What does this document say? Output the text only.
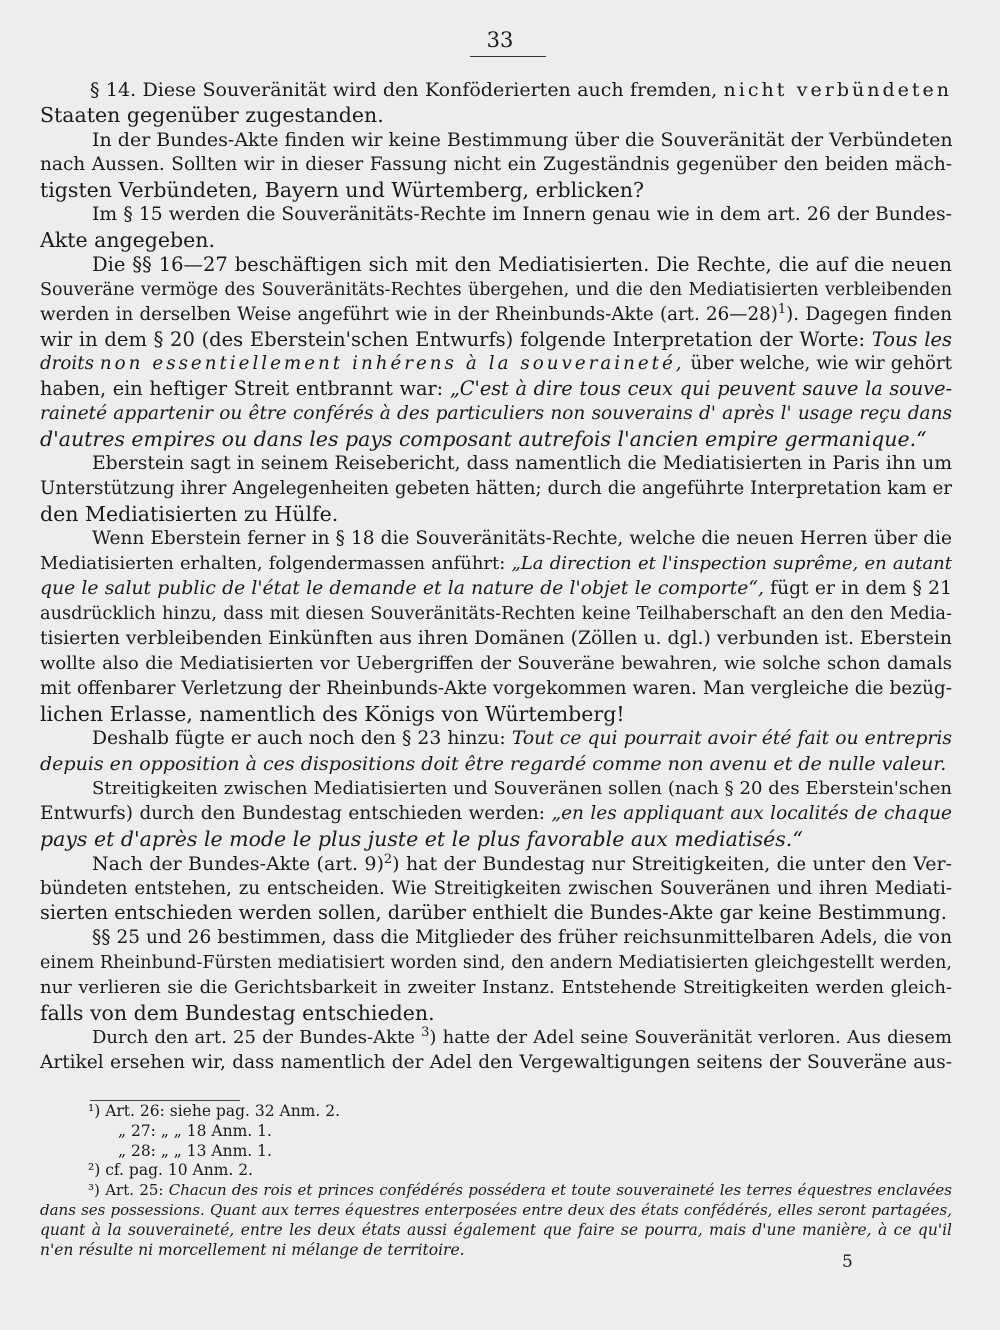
33
§ 14. Diese Souveränität wird den Konföderierten auch fremden, nicht verbündeten
Staaten gegenüber zugestanden.
In der Bundes-Akte finden wir keine Bestimmung über die Souveränität der Verbündeten
nach Aussen. Sollten wir in dieser Fassung nicht ein Zugeständnis gegenüber den beiden mäch-
tigsten Verbündeten, Bayern und Würtemberg, erblicken?
Im § 15 werden die Souveränitäts-Rechte im Innern genau wie in dem art. 26 der Bundes-
Akte angegeben.
Die §§ 16—27 beschäftigen sich mit den Mediatisierten. Die Rechte, die auf die neuen
Souveräne vermöge des Souveränitäts-Rechtes übergehen, und die den Mediatisierten verbleibenden
werden in derselben Weise angeführt wie in der Rheinbunds-Akte (art. 26—28)$^1$). Dagegen finden
wir in dem § 20 (des Eberstein'schen Entwurfs) folgende Interpretation der Worte: Tous les
droits non essentiellement inhérens à la souveraineté, über welche, wie wir gehört
haben, ein heftiger Streit entbrannt war: „C'est à dire tous ceux qui peuvent sauve la souve-
raineté appartenir ou être conférés à des particuliers non souverains d' après l' usage reçu dans
d'autres empires ou dans les pays composant autrefois l'ancien empire germanique.“
Eberstein sagt in seinem Reisebericht, dass namentlich die Mediatisierten in Paris ihn um
Unterstützung ihrer Angelegenheiten gebeten hätten; durch die angeführte Interpretation kam er
den Mediatisierten zu Hülfe.
Wenn Eberstein ferner in § 18 die Souveränitäts-Rechte, welche die neuen Herren über die
Mediatisierten erhalten, folgendermassen anführt: „La direction et l'inspection suprême, en autant
que le salut public de l'état le demande et la nature de l'objet le comporte“, fügt er in dem § 21
ausdrücklich hinzu, dass mit diesen Souveränitäts-Rechten keine Teilhaberschaft an den den Media-
tisierten verbleibenden Einkünften aus ihren Domänen (Zöllen u. dgl.) verbunden ist. Eberstein
wollte also die Mediatisierten vor Uebergriffen der Souveräne bewahren, wie solche schon damals
mit offenbarer Verletzung der Rheinbunds-Akte vorgekommen waren. Man vergleiche die bezüg-
lichen Erlasse, namentlich des Königs von Würtemberg!
Deshalb fügte er auch noch den § 23 hinzu: Tout ce qui pourrait avoir été fait ou entrepris
depuis en opposition à ces dispositions doit être regardé comme non avenu et de nulle valeur.
Streitigkeiten zwischen Mediatisierten und Souveränen sollen (nach § 20 des Eberstein'schen
Entwurfs) durch den Bundestag entschieden werden: „en les appliquant aux localités de chaque
pays et d'après le mode le plus juste et le plus favorable aux mediatisés.“
Nach der Bundes-Akte (art. 9)$^2$) hat der Bundestag nur Streitigkeiten, die unter den Ver-
bündeten entstehen, zu entscheiden. Wie Streitigkeiten zwischen Souveränen und ihren Mediati-
sierten entschieden werden sollen, darüber enthielt die Bundes-Akte gar keine Bestimmung.
§§ 25 und 26 bestimmen, dass die Mitglieder des früher reichsunmittelbaren Adels, die von
einem Rheinbund-Fürsten mediatisiert worden sind, den andern Mediatisierten gleichgestellt werden,
nur verlieren sie die Gerichtsbarkeit in zweiter Instanz. Entstehende Streitigkeiten werden gleich-
falls von dem Bundestag entschieden.
Durch den art. 25 der Bundes-Akte $^3$) hatte der Adel seine Souveränität verloren. Aus diesem
Artikel ersehen wir, dass namentlich der Adel den Vergewaltigungen seitens der Souveräne aus-
¹) Art. 26: siehe pag. 32 Anm. 2.
„ 27: „ „ 18 Anm. 1.
„ 28: „ „ 13 Anm. 1.
²) cf. pag. 10 Anm. 2.
³) Art. 25: Chacun des rois et princes confédérés possédera et toute souveraineté les terres équestres enclavées
dans ses possessions. Quant aux terres équestres enterposées entre deux des états confédérés, elles seront partagées,
quant à la souveraineté, entre les deux états aussi également que faire se pourra, mais d'une manière, à ce qu'il
n'en résulte ni morcellement ni mélange de territoire.
5
